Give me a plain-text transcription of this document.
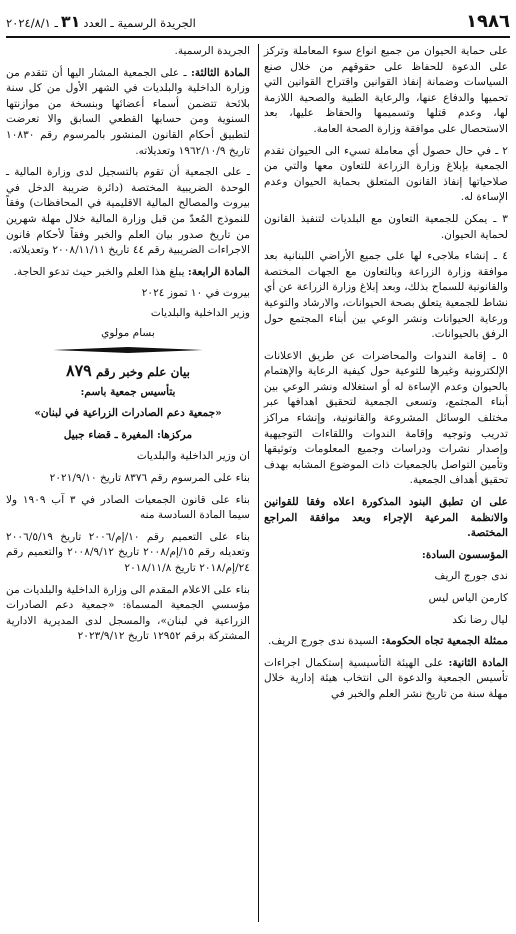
١٩٨٦
الجريدة الرسمية ـ العدد٣١ـ ٢٠٢٤/٨/١

على حماية الحيوان من جميع انواع سوء المعاملة وتركز على الدعوة للحفاظ على حقوقهم من خلال صنع السياسات وضمانة إنفاذ القوانين واقتراح القوانين التي تحميها والدفاع عنها، والرعاية الطبية والصحية اللازمة لها، وعدم قتلها وتسميمها والحفاظ عليها، بعد الاستحصال على موافقة وزارة الصحة العامة.

٢ ـ في حال حصول أي معاملة تسيء الى الحيوان تقدم الجمعية بإبلاغ وزارة الزراعة للتعاون معها والتي من صلاحياتها إنفاذ القانون المتعلق بحماية الحيوان وعدم الإساءة له.

٣ ـ يمكن للجمعية التعاون مع البلديات لتنفيذ القانون لحماية الحيوان.

٤ ـ إنشاء ملاجىء لها على جميع الأراضي اللبنانية بعد موافقة وزارة الزراعة وبالتعاون مع الجهات المختصة والقانونية للسماح بذلك، وبعد إبلاغ وزارة الزراعة عن أي نشاط للجمعية يتعلق بصحة الحيوانات، والارشاد والتوعية ورعاية الحيوانات ونشر الوعي بين أبناء المجتمع حول الرفق بالحيوانات.

٥ ـ إقامة الندوات والمحاضرات عن طريق الاعلانات الإلكترونية وغيرها للتوعية حول كيفية الرعاية والإهتمام بالحيوان وعدم الإساءة له أو استغلاله ونشر الوعي بين أبناء المجتمع، وتسعى الجمعية لتحقيق اهدافها عبر مختلف الوسائل المشروعة والقانونية، وإنشاء مراكز تدريب وتوجيه وإقامة الندوات واللقاءات التوجيهية وإصدار نشرات ودراسات وجميع المعلومات وتوثيقها وتأمين التواصل بالجمعيات ذات الموضوع المشابه بهدف تحقيق أهداف الجمعية.

على ان تطبق البنود المذكورة اعلاه وفقا للقوانين والانظمة المرعية الإجراء وبعد موافقة المراجع المختصة.

المؤسسون السادة:

ندى جورج الريف

كارمن الياس ليس

ليال رضا نكد

ممثلة الجمعية تجاه الحكومة: السيدة ندى جورج الريف.

المادة الثانية: على الهيئة التأسيسية إستكمال اجراءات تأسيس الجمعية والدعوة الى انتخاب هيئة إدارية خلال مهلة سنة من تاريخ نشر العلم والخبر في

الجريدة الرسمية.

المادة الثالثة: ـ على الجمعية المشار اليها أن تتقدم من وزارة الداخلية والبلديات في الشهر الأول من كل سنة بلائحة تتضمن أسماء أعضائها وبنسخة من موازنتها السنوية ومن حسابها القطعي السابق والا تعرضت لتطبيق أحكام القانون المنشور بالمرسوم رقم ١٠٨٣٠ تاريخ ١٩٦٢/١٠/٩ وتعديلاته.

ـ على الجمعية أن تقوم بالتسجيل لدى وزارة المالية ـ الوحدة الضريبية المختصة (دائرة ضريبة الدخل في بيروت والمصالح المالية الاقليمية في المحافظات) وفقاً للنموذج المُعدّ من قبل وزارة المالية خلال مهلة شهرين من تاريخ صدور بيان العلم والخبر وفقاً لأحكام قانون الاجراءات الضريبية رقم ٤٤ تاريخ ٢٠٠٨/١١/١١ وتعديلاته.

المادة الرابعة: يبلغ هذا العلم والخبر حيث تدعو الحاجة.

بيروت في ١٠ تموز ٢٠٢٤

وزير الداخلية والبلديات

بسام مولوي

بيان علم وخبر رقم ٨٧٩

بتأسيس جمعية باسم:

«جمعية دعم الصادرات الزراعية في لبنان»

مركزها: المغيرة ـ قضاء جبيل

ان وزير الداخلية والبلديات

بناء على المرسوم رقم ٨٣٧٦ تاريخ ٢٠٢١/٩/١٠

بناء على قانون الجمعيات الصادر في ٣ آب ١٩٠٩ ولا سيما المادة السادسة منه

بناء على التعميم رقم ١٠/إم/٢٠٠٦ تاريخ ٢٠٠٦/٥/١٩ وتعديله رقم ١٥/إم/٢٠٠٨ تاريخ ٢٠٠٨/٩/١٢ والتعميم رقم ٢٤/إم/٢٠١٨ تاريخ ٢٠١٨/١١/٨

بناء على الاعلام المقدم الى وزارة الداخلية والبلديات من مؤسسي الجمعية المسماة: «جمعية دعم الصادرات الزراعية في لبنان»، والمسجل لدى المديرية الادارية المشتركة برقم ١٢٩٥٢ تاريخ ٢٠٢٣/٩/١٢
